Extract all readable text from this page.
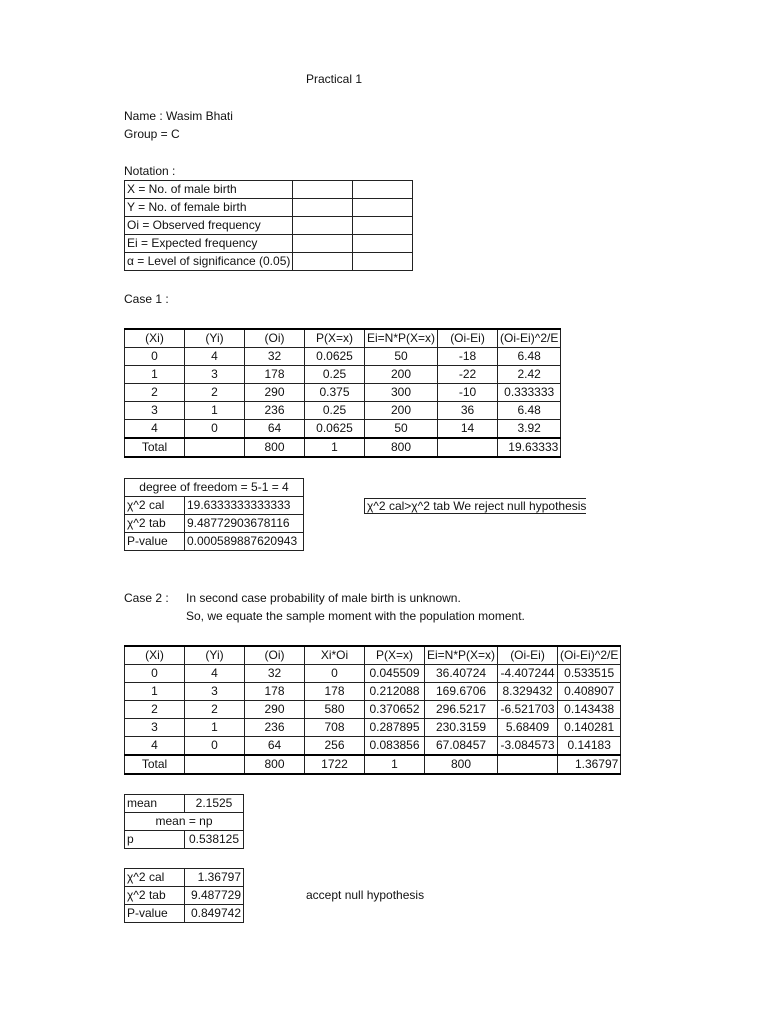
Practical 1
Name : Wasim Bhati
Group = C
Notation :
X = No. of male birth		
Y = No. of female birth		
Oi = Observed frequency		
Ei = Expected frequency		
α = Level of significance (0.05)		
Case 1 :
(Xi)	(Yi)	(Oi)	P(X=x)	Ei=N*P(X=x)	(Oi-Ei)	(Oi-Ei)^2/E
0	4	32	0.0625	50	-18	6.48
1	3	178	0.25	200	-22	2.42
2	2	290	0.375	300	-10	0.333333
3	1	236	0.25	200	36	6.48
4	0	64	0.0625	50	14	3.92
Total		800	1	800		19.63333
degree of freedom = 5-1 = 4	
χ^2 cal	19.6333333333333
χ^2 tab	9.48772903678116
P-value	0.000589887620943
χ^2 cal>χ^2 tab We reject null hypothesis
Case 2 : In second case probability of male birth is unknown.
So, we equate the sample moment with the population moment.
(Xi)	(Yi)	(Oi)	Xi*Oi	P(X=x)	Ei=N*P(X=x)	(Oi-Ei)	(Oi-Ei)^2/E
0	4	32	0	0.045509	36.40724	-4.407244	0.533515
1	3	178	178	0.212088	169.6706	8.329432	0.408907
2	2	290	580	0.370652	296.5217	-6.521703	0.143438
3	1	236	708	0.287895	230.3159	5.68409	0.140281
4	0	64	256	0.083856	67.08457	-3.084573	0.14183
Total		800	1722	1	800		1.36797
mean	2.1525
mean = np	
p	0.538125
χ^2 cal	1.36797
χ^2 tab	9.487729
P-value	0.849742
accept null hypothesis
